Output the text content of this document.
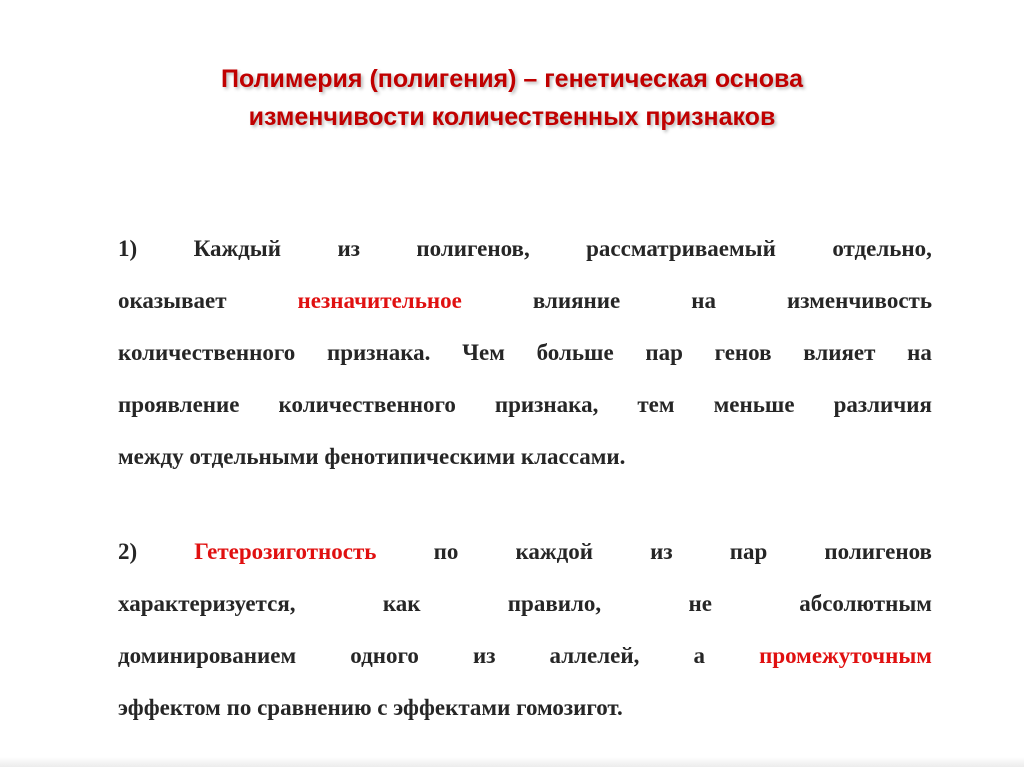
Полимерия (полигения) – генетическая основа
изменчивости количественных признаков
1) Каждый из полигенов, рассматриваемый отдельно,
оказывает	незначительное	влияние	на	изменчивость
количественного признака. Чем больше пар генов влияет на
проявление количественного признака, тем меньше различия
между отдельными фенотипическими классами.
2) Гетерозиготность по каждой из пар полигенов
характеризуется,	как	правило,	не	абсолютным
доминированием одного из аллелей, а промежуточным
эффектом по сравнению с эффектами гомозигот.
